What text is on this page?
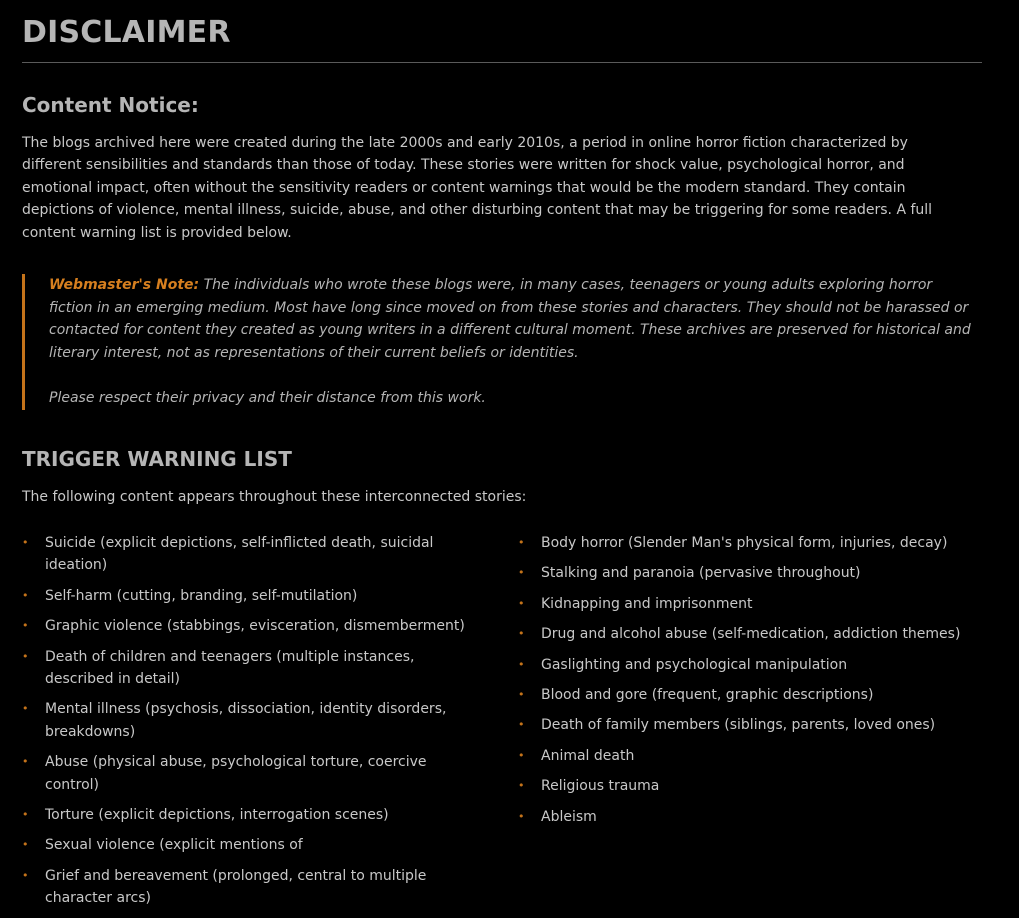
DISCLAIMER
Content Notice:

The blogs archived here were created during the late 2000s and early 2010s, a period in online horror fiction characterized by different sensibilities and standards than those of today. These stories were written for shock value, psychological horror, and emotional impact, often without the sensitivity readers or content warnings that would be the modern standard. They contain depictions of violence, mental illness, suicide, abuse, and other disturbing content that may be triggering for some readers. A full content warning list is provided below.

Webmaster's Note: The individuals who wrote these blogs were, in many cases, teenagers or young adults exploring horror fiction in an emerging medium. Most have long since moved on from these stories and characters. They should not be harassed or contacted for content they created as young writers in a different cultural moment. These archives are preserved for historical and literary interest, not as representations of their current beliefs or identities.

Please respect their privacy and their distance from this work.

TRIGGER WARNING LIST

The following content appears throughout these interconnected stories:

• Suicide (explicit depictions, self-inflicted death, suicidal ideation)
• Self-harm (cutting, branding, self-mutilation)
• Graphic violence (stabbings, evisceration, dismemberment)
• Death of children and teenagers (multiple instances, described in detail)
• Mental illness (psychosis, dissociation, identity disorders, breakdowns)
• Abuse (physical abuse, psychological torture, coercive control)
• Torture (explicit depictions, interrogation scenes)
• Sexual violence (explicit mentions of
• Grief and bereavement (prolonged, central to multiple character arcs)
• Body horror (Slender Man's physical form, injuries, decay)
• Stalking and paranoia (pervasive throughout)
• Kidnapping and imprisonment
• Drug and alcohol abuse (self-medication, addiction themes)
• Gaslighting and psychological manipulation
• Blood and gore (frequent, graphic descriptions)
• Death of family members (siblings, parents, loved ones)
• Animal death
• Religious trauma
• Ableism
